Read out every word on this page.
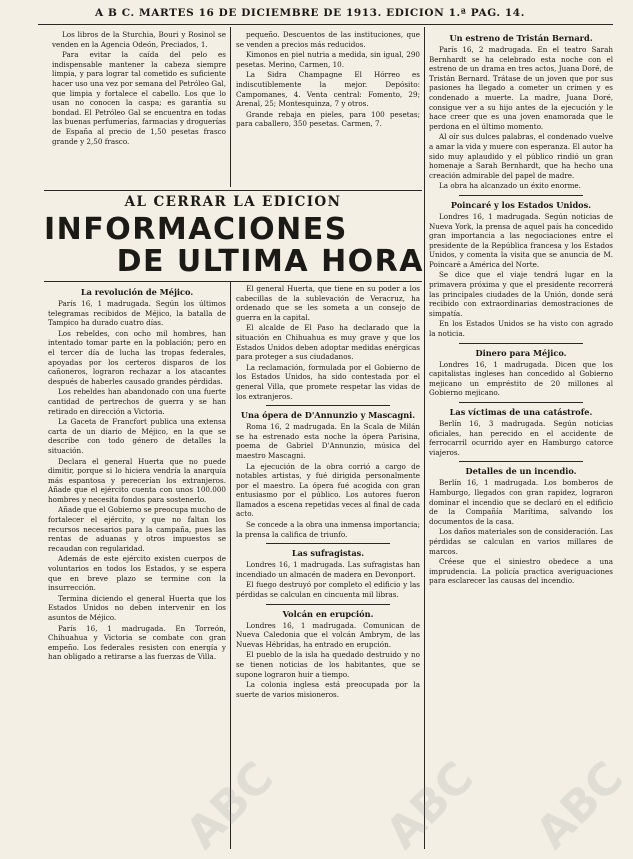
A B C. MARTES 16 DE DICIEMBRE DE 1913. EDICION 1.ª PAG. 14.

Los libros de la Sturchia, Bouri y Rosinol se venden en la Agencia Odeón, Preciados, 1.

Para evitar la caída del pelo es indispensable mantener la cabeza siempre limpia, y para lograr tal cometido es suficiente hacer uso una vez por semana del Petróleo Gal, que limpia y fortalece el cabello. Los que lo usan no conocen la caspa; es garantía su bondad. El Petróleo Gal se encuentra en todas las buenas perfumerías, farmacias y droguerías de España al precio de 1,50 pesetas frasco grande y 2,50 frasco.

pequeño. Descuentos de las instituciones, que se venden a precios más reducidos.

Kimonos en piel nutria a medida, sin igual, 290 pesetas. Merino, Carmen, 10.

La Sidra Champagne El Hórreo es indiscutiblemente la mejor. Depósito: Campomanes, 4. Venta central: Fomento, 29; Arenal, 25; Montesquinza, 7 y otros.

Grande rebaja en pieles, para 100 pesetas; para caballero, 350 pesetas. Carmen, 7.

AL CERRAR LA EDICION
INFORMACIONES
DE ULTIMA HORA
La revolución de Méjico.

París 16, 1 madrugada. Según los últimos telegramas recibidos de Méjico, la batalla de Tampico ha durado cuatro días.

Los rebeldes, con ocho mil hombres, han intentado tomar parte en la población; pero en el tercer día de lucha las tropas federales, apoyadas por los certeros disparos de los cañoneros, lograron rechazar a los atacantes después de haberles causado grandes pérdidas.

Los rebeldes han abandonado con una fuerte cantidad de pertrechos de guerra y se han retirado en dirección a Victoria.

La Gaceta de Francfort publica una extensa carta de un diario de Méjico, en la que se describe con todo género de detalles la situación.

Declara el general Huerta que no puede dimitir, porque si lo hiciera vendría la anarquía más espantosa y perecerían los extranjeros. Añade que el ejército cuenta con unos 100.000 hombres y necesita fondos para sostenerlo.

Añade que el Gobierno se preocupa mucho de fortalecer el ejército, y que no faltan los recursos necesarios para la campaña, pues las rentas de aduanas y otros impuestos se recaudan con regularidad.

Además de este ejército existen cuerpos de voluntarios en todos los Estados, y se espera que en breve plazo se termine con la insurrección.

Termina diciendo el general Huerta que los Estados Unidos no deben intervenir en los asuntos de Méjico.

París 16, 1 madrugada. En Torreón, Chihuahua y Victoria se combate con gran empeño. Los federales resisten con energía y han obligado a retirarse a las fuerzas de Villa.

El general Huerta, que tiene en su poder a los cabecillas de la sublevación de Veracruz, ha ordenado que se les someta a un consejo de guerra en la capital.

El alcalde de El Paso ha declarado que la situación en Chihuahua es muy grave y que los Estados Unidos deben adoptar medidas enérgicas para proteger a sus ciudadanos.

La reclamación, formulada por el Gobierno de los Estados Unidos, ha sido contestada por el general Villa, que promete respetar las vidas de los extranjeros.

Una ópera de D'Annunzio y Mascagni.

Roma 16, 2 madrugada. En la Scala de Milán se ha estrenado esta noche la ópera Parisina, poema de Gabriel D'Annunzio, música del maestro Mascagni.

La ejecución de la obra corrió a cargo de notables artistas, y fué dirigida personalmente por el maestro. La ópera fué acogida con gran entusiasmo por el público. Los autores fueron llamados a escena repetidas veces al final de cada acto.

Se concede a la obra una inmensa importancia; la prensa la califica de triunfo.

Las sufragistas.

Londres 16, 1 madrugada. Las sufragistas han incendiado un almacén de madera en Devonport.

El fuego destruyó por completo el edificio y las pérdidas se calculan en cincuenta mil libras.

Volcán en erupción.

Londres 16, 1 madrugada. Comunican de Nueva Caledonia que el volcán Ambrym, de las Nuevas Hébridas, ha entrado en erupción.

El pueblo de la isla ha quedado destruido y no se tienen noticias de los habitantes, que se supone lograron huir a tiempo.

La colonia inglesa está preocupada por la suerte de varios misioneros.

Un estreno de Tristán Bernard.

París 16, 2 madrugada. En el teatro Sarah Bernhardt se ha celebrado esta noche con el estreno de un drama en tres actos, Juana Doré, de Tristán Bernard. Trátase de un joven que por sus pasiones ha llegado a cometer un crimen y es condenado a muerte. La madre, Juana Doré, consigue ver a su hijo antes de la ejecución y le hace creer que es una joven enamorada que le perdona en el último momento.

Al oír sus dulces palabras, el condenado vuelve a amar la vida y muere con esperanza. El autor ha sido muy aplaudido y el público rindió un gran homenaje a Sarah Bernhardt, que ha hecho una creación admirable del papel de madre.

La obra ha alcanzado un éxito enorme.

Poincaré y los Estados Unidos.

Londres 16, 1 madrugada. Según noticias de Nueva York, la prensa de aquel país ha concedido gran importancia a las negociaciones entre el presidente de la República francesa y los Estados Unidos, y comenta la visita que se anuncia de M. Poincaré a América del Norte.

Se dice que el viaje tendrá lugar en la primavera próxima y que el presidente recorrerá las principales ciudades de la Unión, donde será recibido con extraordinarias demostraciones de simpatía.

En los Estados Unidos se ha visto con agrado la noticia.

Dinero para Méjico.

Londres 16, 1 madrugada. Dicen que los capitalistas ingleses han concedido al Gobierno mejicano un empréstito de 20 millones al Gobierno mejicano.

Las víctimas de una catástrofe.

Berlín 16, 3 madrugada. Según noticias oficiales, han perecido en el accidente de ferrocarril ocurrido ayer en Hamburgo catorce viajeros.

Detalles de un incendio.

Berlín 16, 1 madrugada. Los bomberos de Hamburgo, llegados con gran rapidez, lograron dominar el incendio que se declaró en el edificio de la Compañía Marítima, salvando los documentos de la casa.

Los daños materiales son de consideración. Las pérdidas se calculan en varios millares de marcos.

Créese que el siniestro obedece a una imprudencia. La policía practica averiguaciones para esclarecer las causas del incendio.

ABC ABC ABC
